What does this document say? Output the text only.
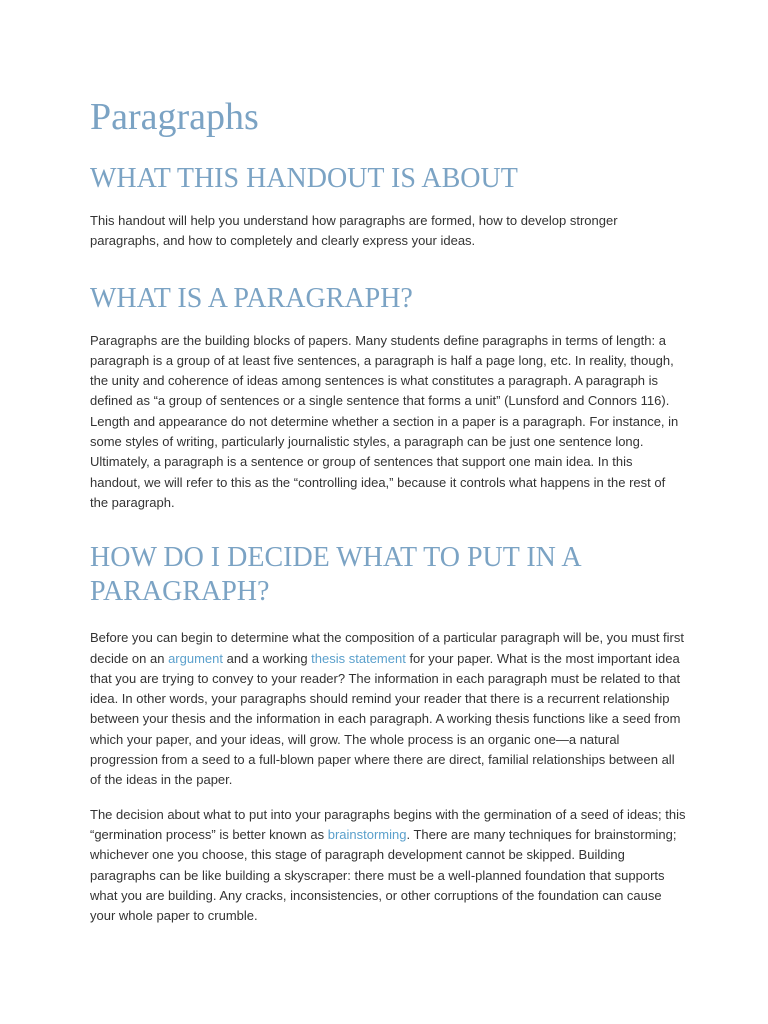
Paragraphs
WHAT THIS HANDOUT IS ABOUT

This handout will help you understand how paragraphs are formed, how to develop stronger paragraphs, and how to completely and clearly express your ideas.

WHAT IS A PARAGRAPH?

Paragraphs are the building blocks of papers. Many students define paragraphs in terms of length: a paragraph is a group of at least five sentences, a paragraph is half a page long, etc. In reality, though, the unity and coherence of ideas among sentences is what constitutes a paragraph. A paragraph is defined as “a group of sentences or a single sentence that forms a unit” (Lunsford and Connors 116). Length and appearance do not determine whether a section in a paper is a paragraph. For instance, in some styles of writing, particularly journalistic styles, a paragraph can be just one sentence long. Ultimately, a paragraph is a sentence or group of sentences that support one main idea. In this handout, we will refer to this as the “controlling idea,” because it controls what happens in the rest of the paragraph.

HOW DO I DECIDE WHAT TO PUT IN A PARAGRAPH?

Before you can begin to determine what the composition of a particular paragraph will be, you must first decide on an argument and a working thesis statement for your paper. What is the most important idea that you are trying to convey to your reader? The information in each paragraph must be related to that idea. In other words, your paragraphs should remind your reader that there is a recurrent relationship between your thesis and the information in each paragraph. A working thesis functions like a seed from which your paper, and your ideas, will grow. The whole process is an organic one—a natural progression from a seed to a full-blown paper where there are direct, familial relationships between all of the ideas in the paper.

The decision about what to put into your paragraphs begins with the germination of a seed of ideas; this “germination process” is better known as brainstorming. There are many techniques for brainstorming; whichever one you choose, this stage of paragraph development cannot be skipped. Building paragraphs can be like building a skyscraper: there must be a well-planned foundation that supports what you are building. Any cracks, inconsistencies, or other corruptions of the foundation can cause your whole paper to crumble.
